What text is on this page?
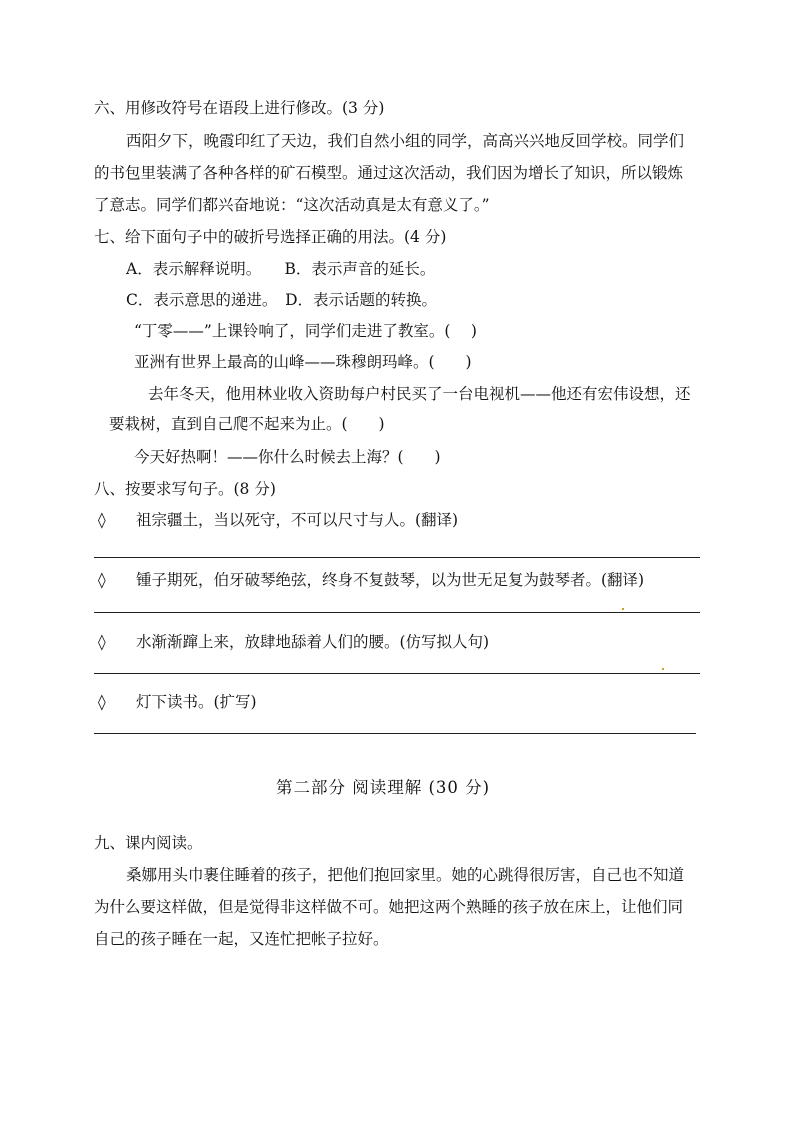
六、用修改符号在语段上进行修改。(3 分)
西阳夕下，晚霞印红了天边，我们自然小组的同学，高高兴兴地反回学校。同学们
的书包里装满了各种各样的矿石模型。通过这次活动，我们因为增长了知识，所以锻炼
了意志。同学们都兴奋地说：“这次活动真是太有意义了。”
七、给下面句子中的破折号选择正确的用法。(4 分)
A．表示解释说明。　　B．表示声音的延长。
C．表示意思的递进。　D．表示话题的转换。
“丁零——”上课铃响了，同学们走进了教室。(　 )
亚洲有世界上最高的山峰——珠穆朗玛峰。(　　)
去年冬天，他用林业收入资助每户村民买了一台电视机——他还有宏伟设想，还
要栽树，直到自己爬不起来为止。(　　)
今天好热啊！——你什么时候去上海？(　　)
八、按要求写句子。(8 分)
◊ 祖宗疆土，当以死守，不可以尺寸与人。(翻译)
◊ 锺子期死，伯牙破琴绝弦，终身不复鼓琴，以为世无足复为鼓琴者。(翻译)
◊ 水渐渐蹿上来，放肆地舔着人们的腰。(仿写拟人句)
◊ 灯下读书。(扩写)
第二部分 阅读理解 (30 分)
九、课内阅读。
桑娜用头巾裹住睡着的孩子，把他们抱回家里。她的心跳得很厉害，自己也不知道
为什么要这样做，但是觉得非这样做不可。她把这两个熟睡的孩子放在床上，让他们同
自己的孩子睡在一起，又连忙把帐子拉好。
